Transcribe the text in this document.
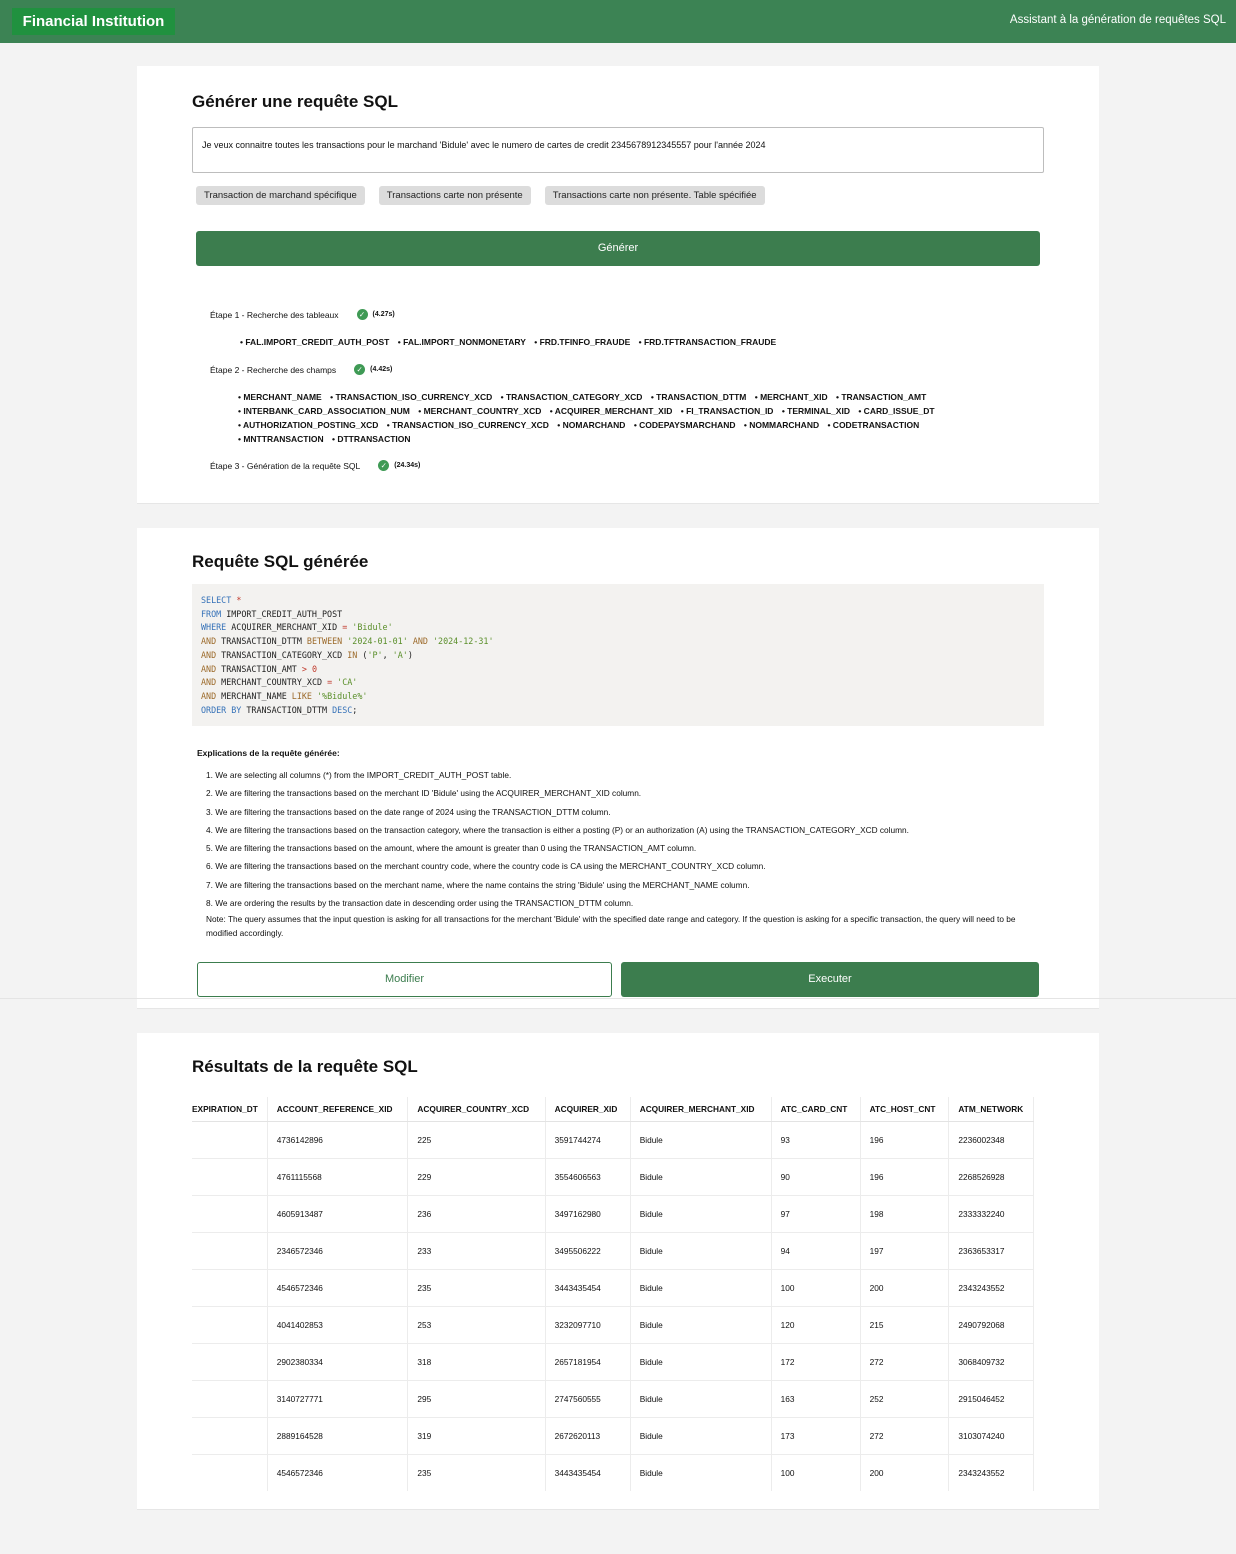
Financial Institution	Assistant à la génération de requêtes SQL
Générer une requête SQL
Je veux connaitre toutes les transactions pour le marchand 'Bidule' avec le numero de cartes de credit 2345678912345557 pour l'année 2024
Transaction de marchand spécifique	Transactions carte non présente	Transactions carte non présente. Table spécifiée
Générer
Étape 1 - Recherche des tableaux	✓	(4.27s)
• FAL.IMPORT_CREDIT_AUTH_POST • FAL.IMPORT_NONMONETARY • FRD.TFINFO_FRAUDE • FRD.TFTRANSACTION_FRAUDE
Étape 2 - Recherche des champs	✓	(4.42s)
• MERCHANT_NAME • TRANSACTION_ISO_CURRENCY_XCD • TRANSACTION_CATEGORY_XCD • TRANSACTION_DTTM • MERCHANT_XID • TRANSACTION_AMT • INTERBANK_CARD_ASSOCIATION_NUM • MERCHANT_COUNTRY_XCD • ACQUIRER_MERCHANT_XID • FI_TRANSACTION_ID • TERMINAL_XID • CARD_ISSUE_DT • AUTHORIZATION_POSTING_XCD • TRANSACTION_ISO_CURRENCY_XCD • NOMARCHAND • CODEPAYSMARCHAND • NOMMARCHAND • CODETRANSACTION • MNTTRANSACTION • DTTRANSACTION
Étape 3 - Génération de la requête SQL	✓	(24.34s)
Requête SQL générée
SELECT *
FROM IMPORT_CREDIT_AUTH_POST
WHERE ACQUIRER_MERCHANT_XID = 'Bidule'
AND TRANSACTION_DTTM BETWEEN '2024-01-01' AND '2024-12-31'
AND TRANSACTION_CATEGORY_XCD IN ('P', 'A')
AND TRANSACTION_AMT > 0
AND MERCHANT_COUNTRY_XCD = 'CA'
AND MERCHANT_NAME LIKE '%Bidule%'
ORDER BY TRANSACTION_DTTM DESC;
Explications de la requête générée:
1. We are selecting all columns (*) from the IMPORT_CREDIT_AUTH_POST table.
2. We are filtering the transactions based on the merchant ID 'Bidule' using the ACQUIRER_MERCHANT_XID column.
3. We are filtering the transactions based on the date range of 2024 using the TRANSACTION_DTTM column.
4. We are filtering the transactions based on the transaction category, where the transaction is either a posting (P) or an authorization (A) using the TRANSACTION_CATEGORY_XCD column.
5. We are filtering the transactions based on the amount, where the amount is greater than 0 using the TRANSACTION_AMT column.
6. We are filtering the transactions based on the merchant country code, where the country code is CA using the MERCHANT_COUNTRY_XCD column.
7. We are filtering the transactions based on the merchant name, where the name contains the string 'Bidule' using the MERCHANT_NAME column.
8. We are ordering the results by the transaction date in descending order using the TRANSACTION_DTTM column.
Note: The query assumes that the input question is asking for all transactions for the merchant 'Bidule' with the specified date range and category. If the question is asking for a specific transaction, the query will need to be modified accordingly.
Modifier	Executer
Résultats de la requête SQL
EXPIRATION_DT	ACCOUNT_REFERENCE_XID	ACQUIRER_COUNTRY_XCD	ACQUIRER_XID	ACQUIRER_MERCHANT_XID	ATC_CARD_CNT	ATC_HOST_CNT	ATM_NETWORK
	4736142896	225	3591744274	Bidule	93	196	2236002348
	4761115568	229	3554606563	Bidule	90	196	2268526928
	4605913487	236	3497162980	Bidule	97	198	2333332240
	2346572346	233	3495506222	Bidule	94	197	2363653317
	4546572346	235	3443435454	Bidule	100	200	2343243552
	4041402853	253	3232097710	Bidule	120	215	2490792068
	2902380334	318	2657181954	Bidule	172	272	3068409732
	3140727771	295	2747560555	Bidule	163	252	2915046452
	2889164528	319	2672620113	Bidule	173	272	3103074240
	4546572346	235	3443435454	Bidule	100	200	2343243552
